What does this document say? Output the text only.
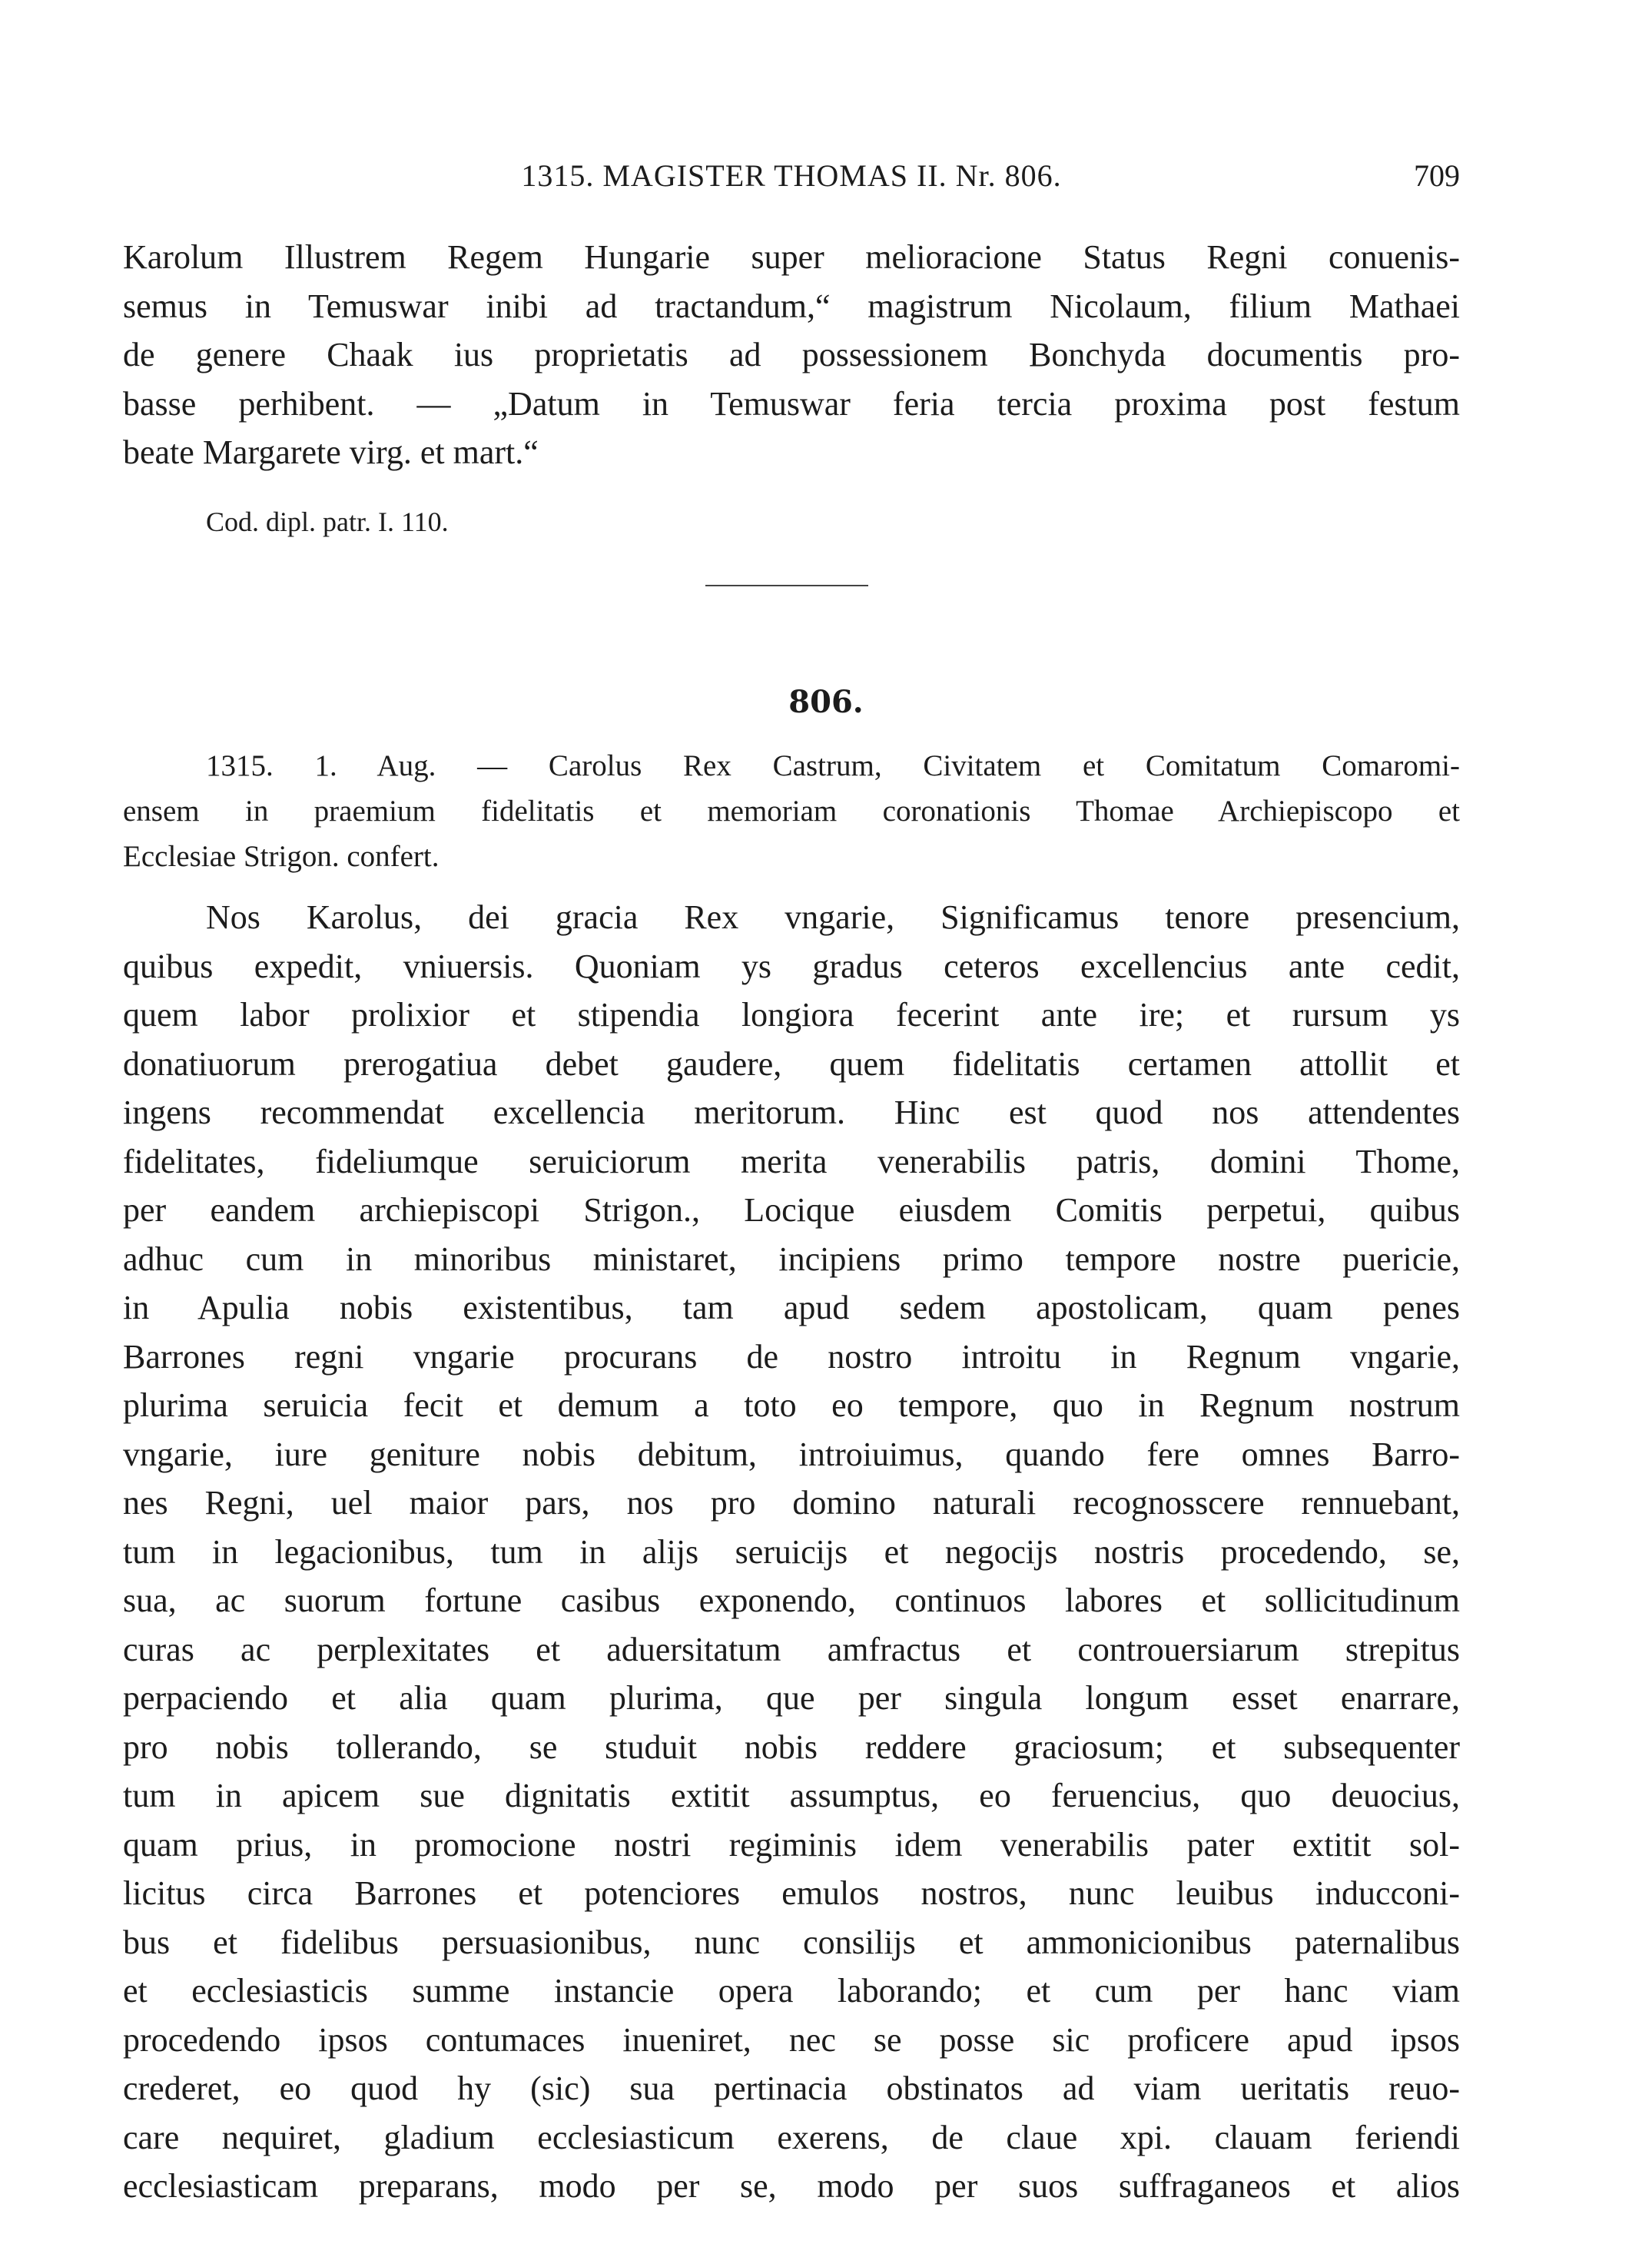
1315. MAGISTER THOMAS II. Nr. 806.	709
Karolum Illustrem Regem Hungarie super melioracione Status Regni conuenis-
semus in Temuswar inibi ad tractandum,“ magistrum Nicolaum, filium Mathaei
de genere Chaak ius proprietatis ad possessionem Bonchyda documentis pro-
basse perhibent. — „Datum in Temuswar feria tercia proxima post festum
beate Margarete virg. et mart.“
Cod. dipl. patr. I. 110.
806.
1315. 1. Aug. — Carolus Rex Castrum, Civitatem et Comitatum Comaromi-
ensem in praemium fidelitatis et memoriam coronationis Thomae Archiepiscopo et
Ecclesiae Strigon. confert.
Nos Karolus, dei gracia Rex vngarie, Significamus tenore presencium,
quibus expedit, vniuersis. Quoniam ys gradus ceteros excellencius ante cedit,
quem labor prolixior et stipendia longiora fecerint ante ire; et rursum ys
donatiuorum prerogatiua debet gaudere, quem fidelitatis certamen attollit et
ingens recommendat excellencia meritorum. Hinc est quod nos attendentes
fidelitates, fideliumque seruiciorum merita venerabilis patris, domini Thome,
per eandem archiepiscopi Strigon., Locique eiusdem Comitis perpetui, quibus
adhuc cum in minoribus ministaret, incipiens primo tempore nostre puericie,
in Apulia nobis existentibus, tam apud sedem apostolicam, quam penes
Barrones regni vngarie procurans de nostro introitu in Regnum vngarie,
plurima seruicia fecit et demum a toto eo tempore, quo in Regnum nostrum
vngarie, iure geniture nobis debitum, introiuimus, quando fere omnes Barro-
nes Regni, uel maior pars, nos pro domino naturali recognosscere rennuebant,
tum in legacionibus, tum in alijs seruicijs et negocijs nostris procedendo, se,
sua, ac suorum fortune casibus exponendo, continuos labores et sollicitudinum
curas ac perplexitates et aduersitatum amfractus et controuersiarum strepitus
perpaciendo et alia quam plurima, que per singula longum esset enarrare,
pro nobis tollerando, se studuit nobis reddere graciosum; et subsequenter
tum in apicem sue dignitatis extitit assumptus, eo feruencius, quo deuocius,
quam prius, in promocione nostri regiminis idem venerabilis pater extitit sol-
licitus circa Barrones et potenciores emulos nostros, nunc leuibus inducconi-
bus et fidelibus persuasionibus, nunc consilijs et ammonicionibus paternalibus
et ecclesiasticis summe instancie opera laborando; et cum per hanc viam
procedendo ipsos contumaces inueniret, nec se posse sic proficere apud ipsos
crederet, eo quod hy (sic) sua pertinacia obstinatos ad viam ueritatis reuo-
care nequiret, gladium ecclesiasticum exerens, de claue xpi. clauam feriendi
ecclesiasticam preparans, modo per se, modo per suos suffraganeos et alios
